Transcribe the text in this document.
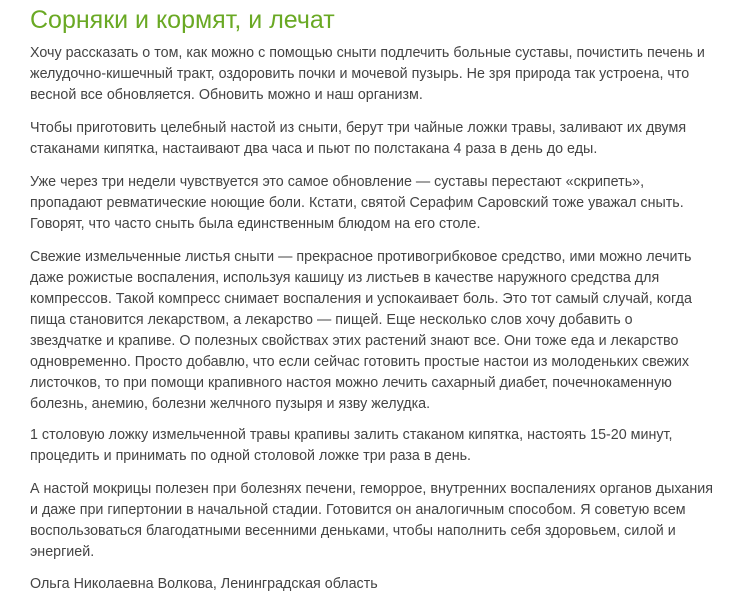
Сорняки и кормят, и лечат

Хочу рассказать о том, как можно с помощью сныти подлечить больные суставы, почистить печень и
желудочно-кишечный тракт, оздоровить почки и мочевой пузырь. Не зря природа так устроена, что
весной все обновляется. Обновить можно и наш организм.

Чтобы приготовить целебный настой из сныти, берут три чайные ложки травы, заливают их двумя
стаканами кипятка, настаивают два часа и пьют по полстакана 4 раза в день до еды.

Уже через три недели чувствуется это самое обновление — суставы перестают «скрипеть»,
пропадают ревматические ноющие боли. Кстати, святой Серафим Саровский тоже уважал сныть.
Говорят, что часто сныть была единственным блюдом на его столе.

Свежие измельченные листья сныти — прекрасное противогрибковое средство, ими можно лечить
даже рожистые воспаления, используя кашицу из листьев в качестве наружного средства для
компрессов. Такой компресс снимает воспаления и успокаивает боль. Это тот самый случай, когда
пища становится лекарством, а лекарство — пищей. Еще несколько слов хочу добавить о
звездчатке и крапиве. О полезных свойствах этих растений знают все. Они тоже еда и лекарство
одновременно. Просто добавлю, что если сейчас готовить простые настои из молоденьких свежих
листочков, то при помощи крапивного настоя можно лечить сахарный диабет, почечнокаменную
болезнь, анемию, болезни желчного пузыря и язву желудка.

1 столовую ложку измельченной травы крапивы залить стаканом кипятка, настоять 15-20 минут,
процедить и принимать по одной столовой ложке три раза в день.

А настой мокрицы полезен при болезнях печени, геморрое, внутренних воспалениях органов дыхания
и даже при гипертонии в начальной стадии. Готовится он аналогичным способом. Я советую всем
воспользоваться благодатными весенними деньками, чтобы наполнить себя здоровьем, силой и
энергией.

Ольга Николаевна Волкова, Ленинградская область
